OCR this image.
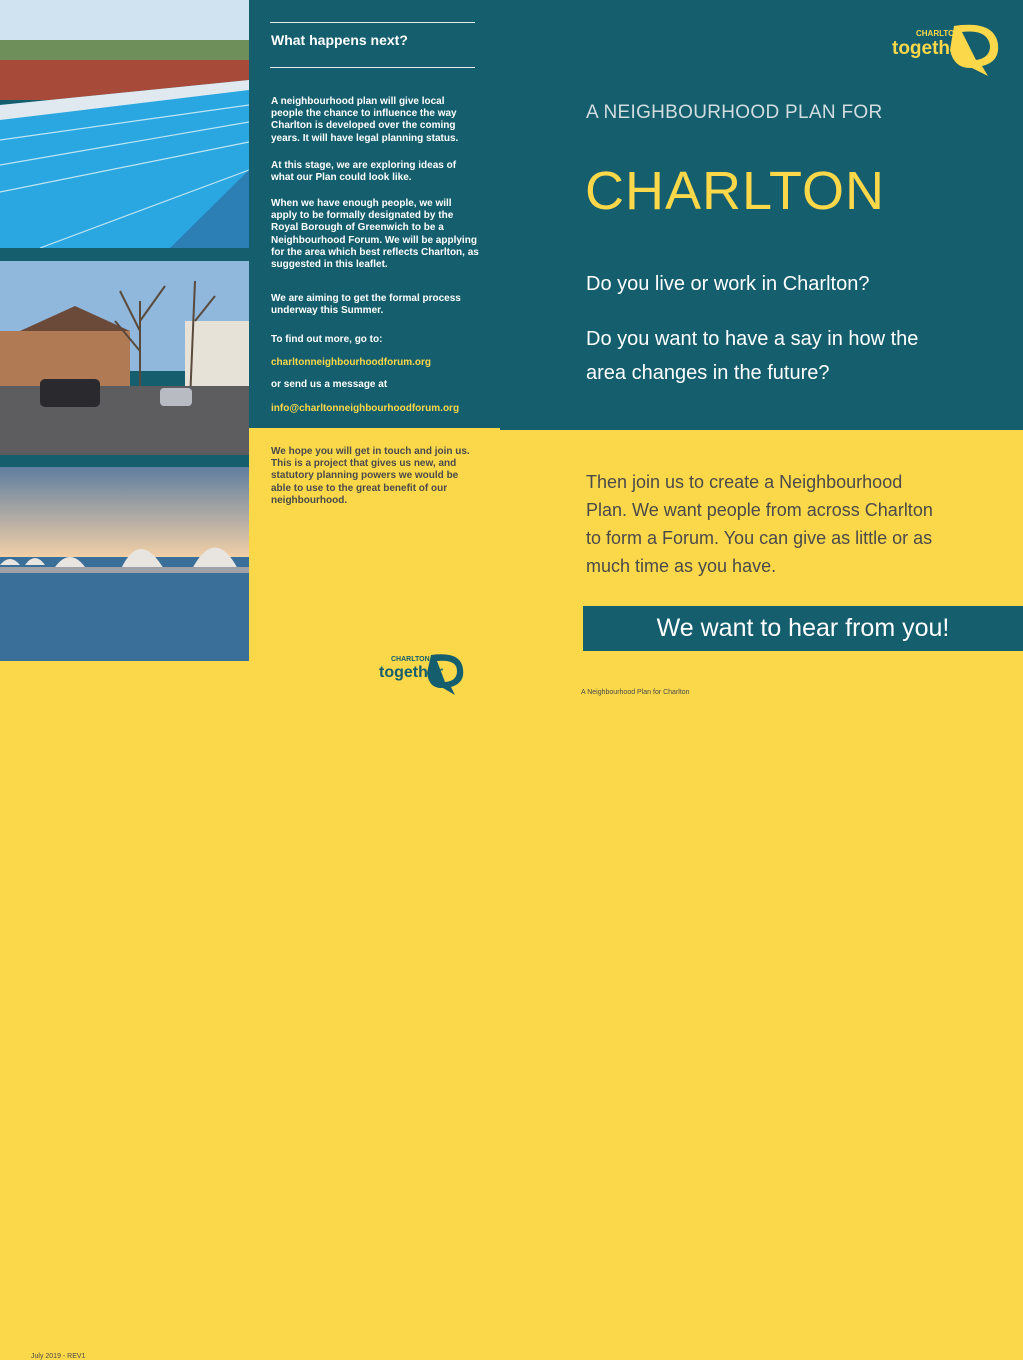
July 2019 - REV1
What happens next?
A neighbourhood plan will give local people the chance to influence the way Charlton is developed over the coming years. It will have legal planning status.
At this stage, we are exploring ideas of what our Plan could look like.
When we have enough people, we will apply to be formally designated by the Royal Borough of Greenwich to be a Neighbourhood Forum. We will be applying for the area which best reflects Charlton, as suggested in this leaflet.
We are aiming to get the formal process underway this Summer.
To find out more, go to:
charltonneighbourhoodforum.org
or send us a message at
info@charltonneighbourhoodforum.org
We hope you will get in touch and join us. This is a project that gives us new, and statutory planning powers we would be able to use to the great benefit of our neighbourhood.
CHARLTON
together
CHARLTON
together
A NEIGHBOURHOOD PLAN FOR
CHARLTON
Do you live or work in Charlton?
Do you want to have a say in how the area changes in the future?
Then join us to create a Neighbourhood Plan. We want people from across Charlton to form a Forum. You can give as little or as much time as you have.
We want to hear from you!
A Neighbourhood Plan for Charlton
